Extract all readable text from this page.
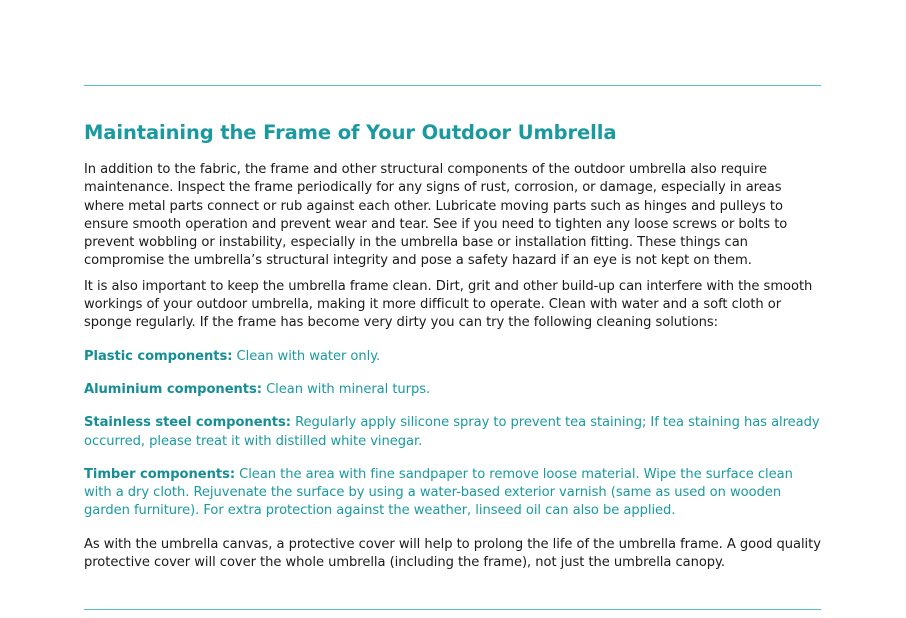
Maintaining the Frame of Your Outdoor Umbrella

In addition to the fabric, the frame and other structural components of the outdoor umbrella also require maintenance. Inspect the frame periodically for any signs of rust, corrosion, or damage, especially in areas where metal parts connect or rub against each other. Lubricate moving parts such as hinges and pulleys to ensure smooth operation and prevent wear and tear. See if you need to tighten any loose screws or bolts to prevent wobbling or instability, especially in the umbrella base or installation fitting. These things can compromise the umbrella’s structural integrity and pose a safety hazard if an eye is not kept on them.

It is also important to keep the umbrella frame clean. Dirt, grit and other build-up can interfere with the smooth workings of your outdoor umbrella, making it more difficult to operate. Clean with water and a soft cloth or sponge regularly. If the frame has become very dirty you can try the following cleaning solutions:

Plastic components: Clean with water only.

Aluminium components: Clean with mineral turps.

Stainless steel components: Regularly apply silicone spray to prevent tea staining; If tea staining has already occurred, please treat it with distilled white vinegar.

Timber components: Clean the area with fine sandpaper to remove loose material. Wipe the surface clean with a dry cloth. Rejuvenate the surface by using a water-based exterior varnish (same as used on wooden garden furniture). For extra protection against the weather, linseed oil can also be applied.

As with the umbrella canvas, a protective cover will help to prolong the life of the umbrella frame. A good quality protective cover will cover the whole umbrella (including the frame), not just the umbrella canopy.
